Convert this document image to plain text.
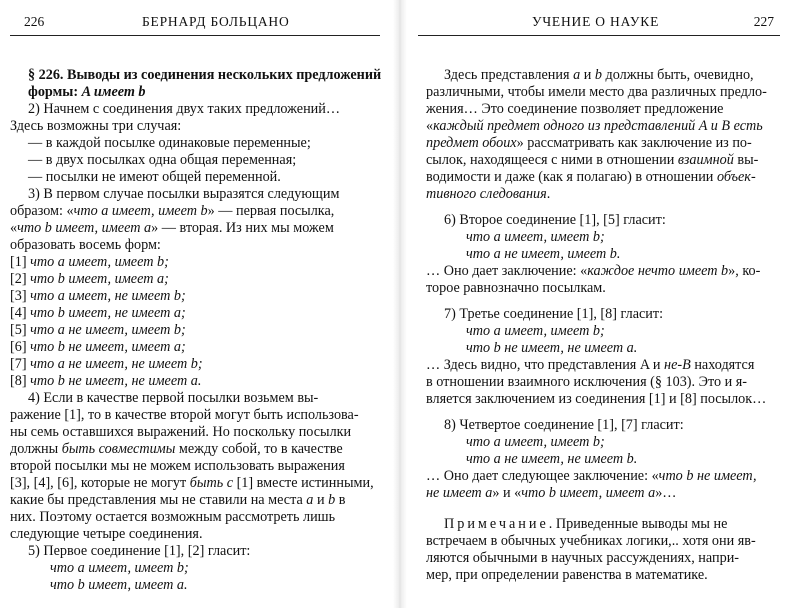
226	БЕРНАРД БОЛЬЦАНО
§ 226. Выводы из соединения нескольких предложений
формы: A имеет b
2) Начнем с соединения двух таких предложений…
Здесь возможны три случая:
— в каждой посылке одинаковые переменные;
— в двух посылках одна общая переменная;
— посылки не имеют общей переменной.
3) В первом случае посылки выразятся следующим
образом: «что a имеет, имеет b» — первая посылка,
«что b имеет, имеет a» — вторая. Из них мы можем
образовать восемь форм:
[1] что a имеет, имеет b;
[2] что b имеет, имеет a;
[3] что a имеет, не имеет b;
[4] что b имеет, не имеет a;
[5] что a не имеет, имеет b;
[6] что b не имеет, имеет a;
[7] что a не имеет, не имеет b;
[8] что b не имеет, не имеет a.
4) Если в качестве первой посылки возьмем вы-
ражение [1], то в качестве второй могут быть использова-
ны семь оставшихся выражений. Но поскольку посылки
должны быть совместимы между собой, то в качестве
второй посылки мы не можем использовать выражения
[3], [4], [6], которые не могут быть с [1] вместе истинными,
какие бы представления мы не ставили на места a и b в
них. Поэтому остается возможным рассмотреть лишь
следующие четыре соединения.
5) Первое соединение [1], [2] гласит:
что a имеет, имеет b;
что b имеет, имеет a.
УЧЕНИЕ О НАУКЕ	227
Здесь представления a и b должны быть, очевидно,
различными, чтобы имели место два различных предло-
жения… Это соединение позволяет предложение
«каждый предмет одного из представлений A и B есть
предмет обоих» рассматривать как заключение из по-
сылок, находящееся с ними в отношении взаимной вы-
водимости и даже (как я полагаю) в отношении объек-
тивного следования.
6) Второе соединение [1], [5] гласит:
что a имеет, имеет b;
что a не имеет, имеет b.
… Оно дает заключение: «каждое нечто имеет b», ко-
торое равнозначно посылкам.
7) Третье соединение [1], [8] гласит:
что a имеет, имеет b;
что b не имеет, не имеет a.
… Здесь видно, что представления A и не-B находятся
в отношении взаимного исключения (§ 103). Это и я-
вляется заключением из соединения [1] и [8] посылок…
8) Четвертое соединение [1], [7] гласит:
что a имеет, имеет b;
что a не имеет, не имеет b.
… Оно дает следующее заключение: «что b не имеет,
не имеет a» и «что b имеет, имеет a»…
Примечание. Приведенные выводы мы не
встречаем в обычных учебниках логики,.. хотя они яв-
ляются обычными в научных рассуждениях, напри-
мер, при определении равенства в математике.
